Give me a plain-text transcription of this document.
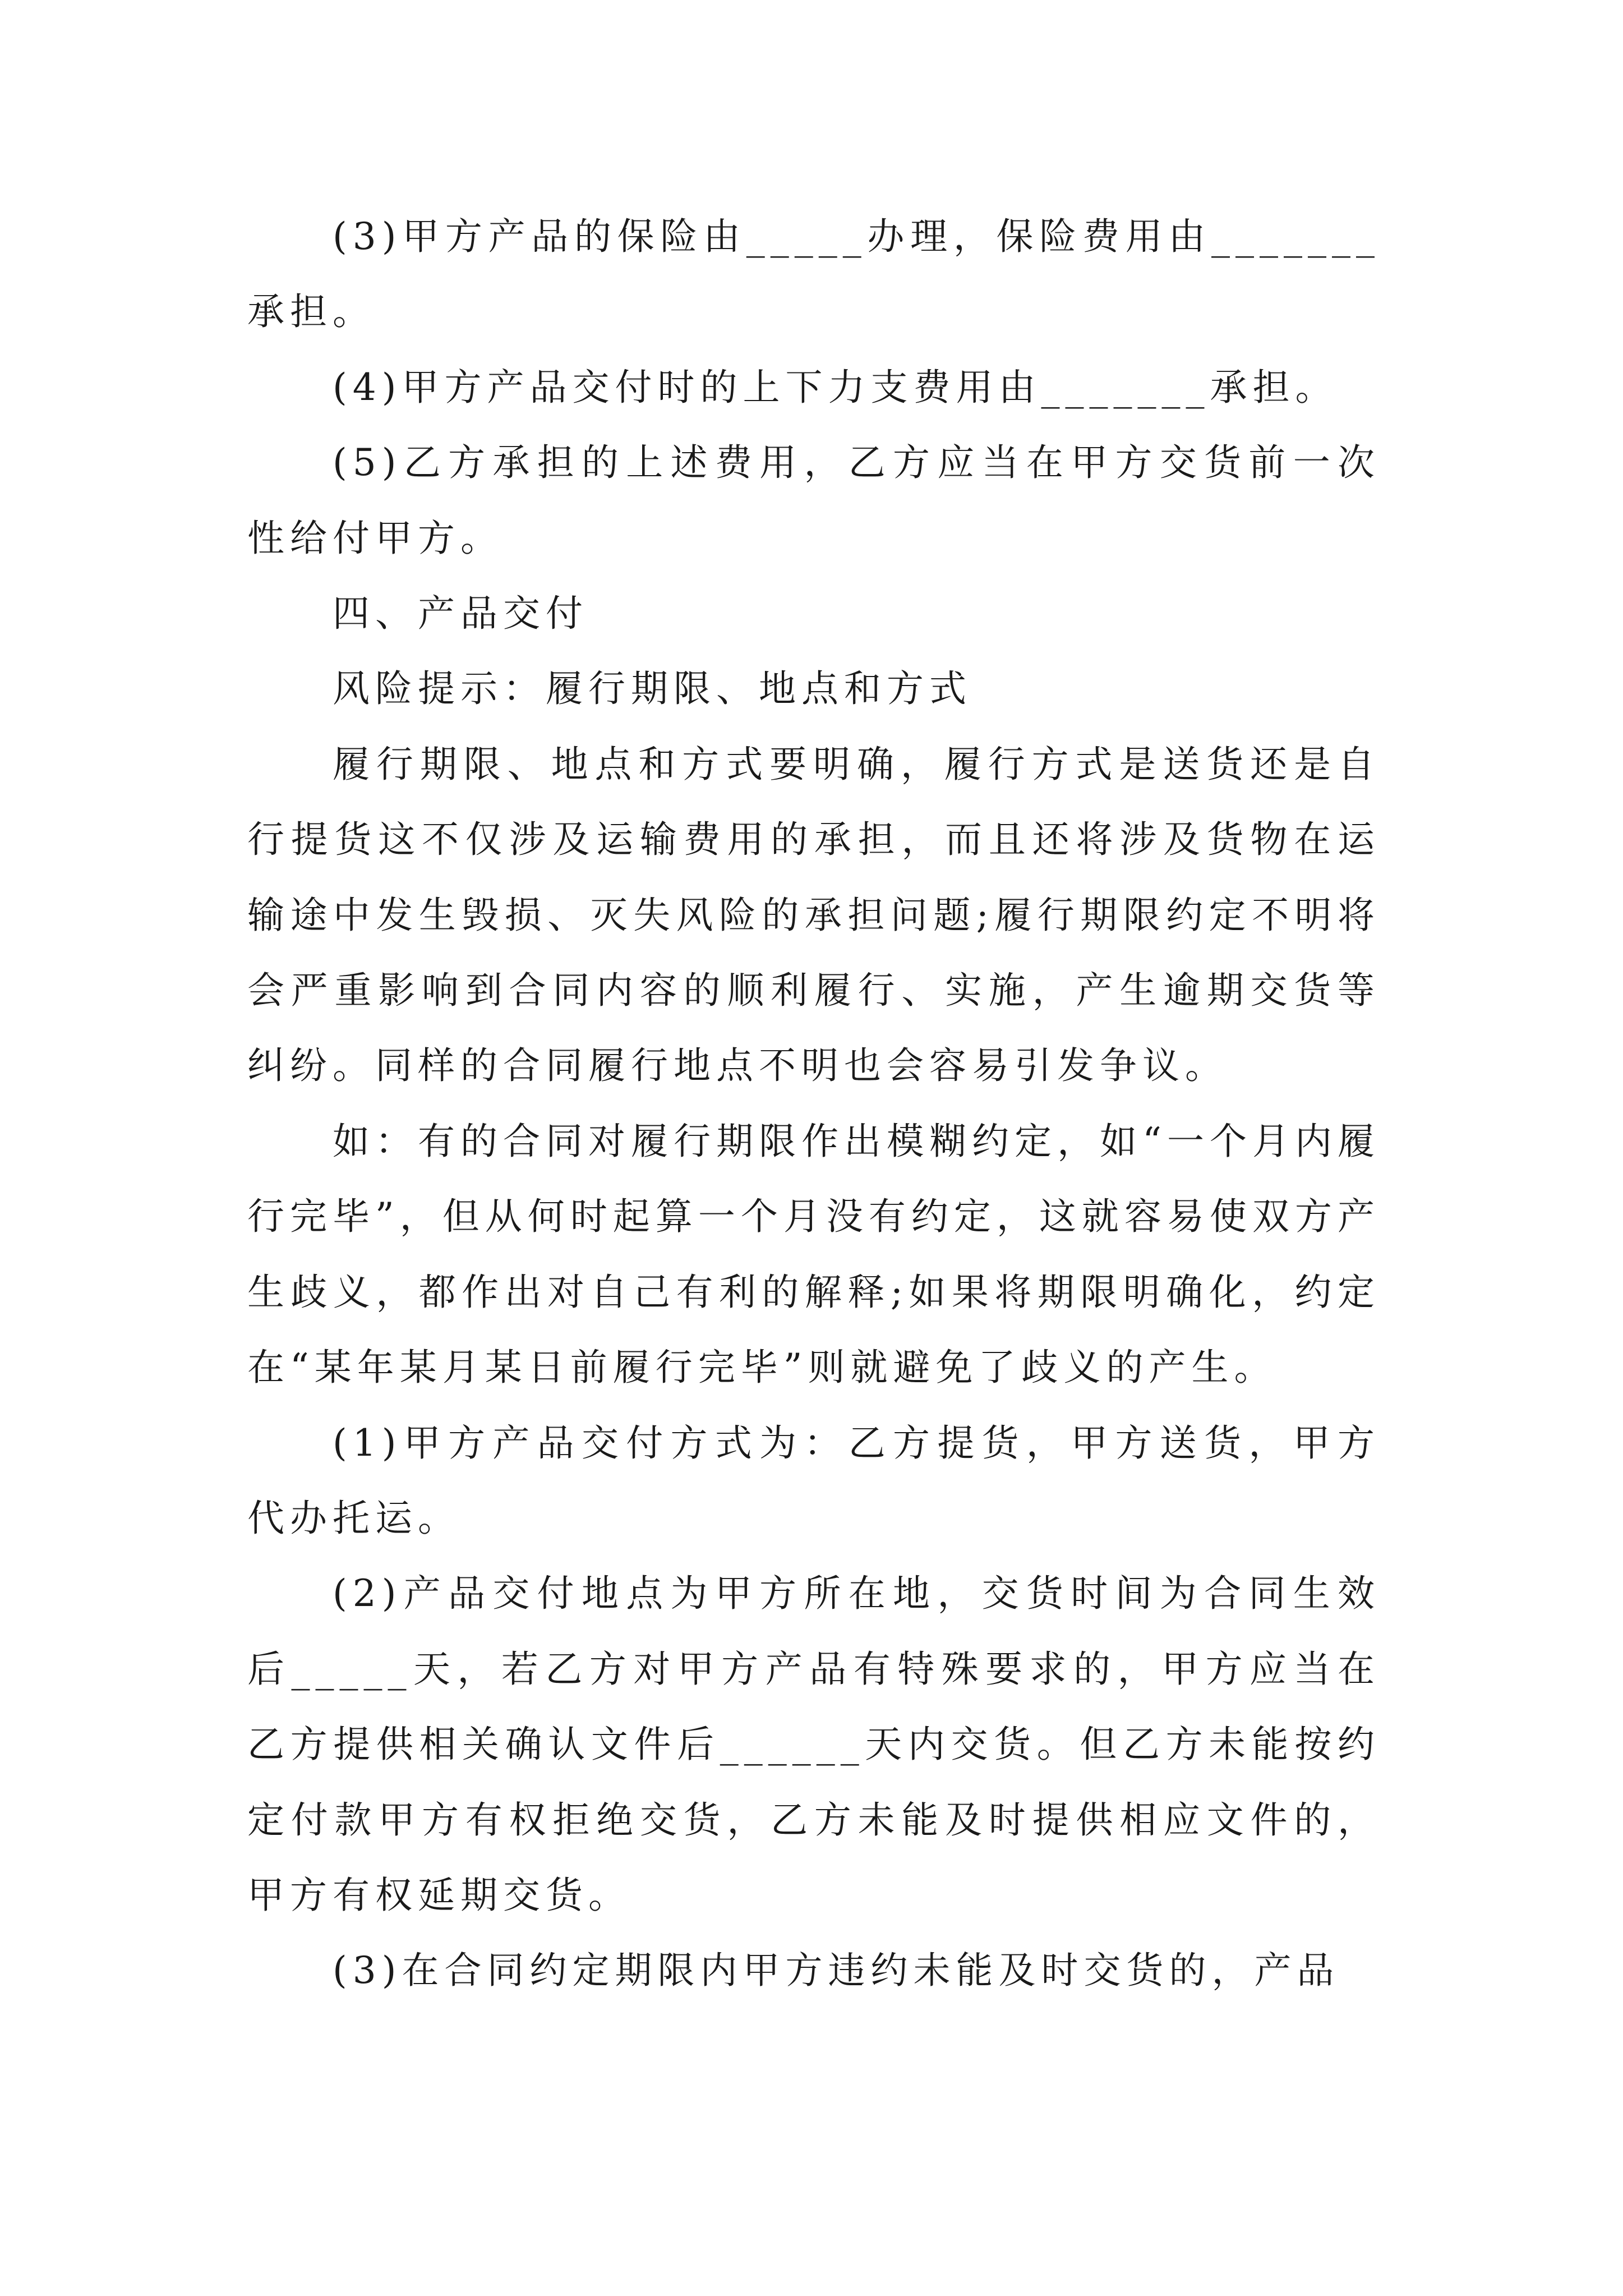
(3)甲方产品的保险由_____办理，保险费用由_______承担。

(4)甲方产品交付时的上下力支费用由_______承担。

(5)乙方承担的上述费用，乙方应当在甲方交货前一次性给付甲方。

四、产品交付

风险提示：履行期限、地点和方式

履行期限、地点和方式要明确，履行方式是送货还是自行提货这不仅涉及运输费用的承担，而且还将涉及货物在运输途中发生毁损、灭失风险的承担问题;履行期限约定不明将会严重影响到合同内容的顺利履行、实施，产生逾期交货等纠纷。同样的合同履行地点不明也会容易引发争议。

如：有的合同对履行期限作出模糊约定，如“一个月内履行完毕”，但从何时起算一个月没有约定，这就容易使双方产生歧义，都作出对自己有利的解释;如果将期限明确化，约定在“某年某月某日前履行完毕”则就避免了歧义的产生。

(1)甲方产品交付方式为：乙方提货，甲方送货，甲方代办托运。

(2)产品交付地点为甲方所在地，交货时间为合同生效后_____天，若乙方对甲方产品有特殊要求的，甲方应当在乙方提供相关确认文件后______天内交货。但乙方未能按约定付款甲方有权拒绝交货，乙方未能及时提供相应文件的，甲方有权延期交货。

(3)在合同约定期限内甲方违约未能及时交货的，产品
